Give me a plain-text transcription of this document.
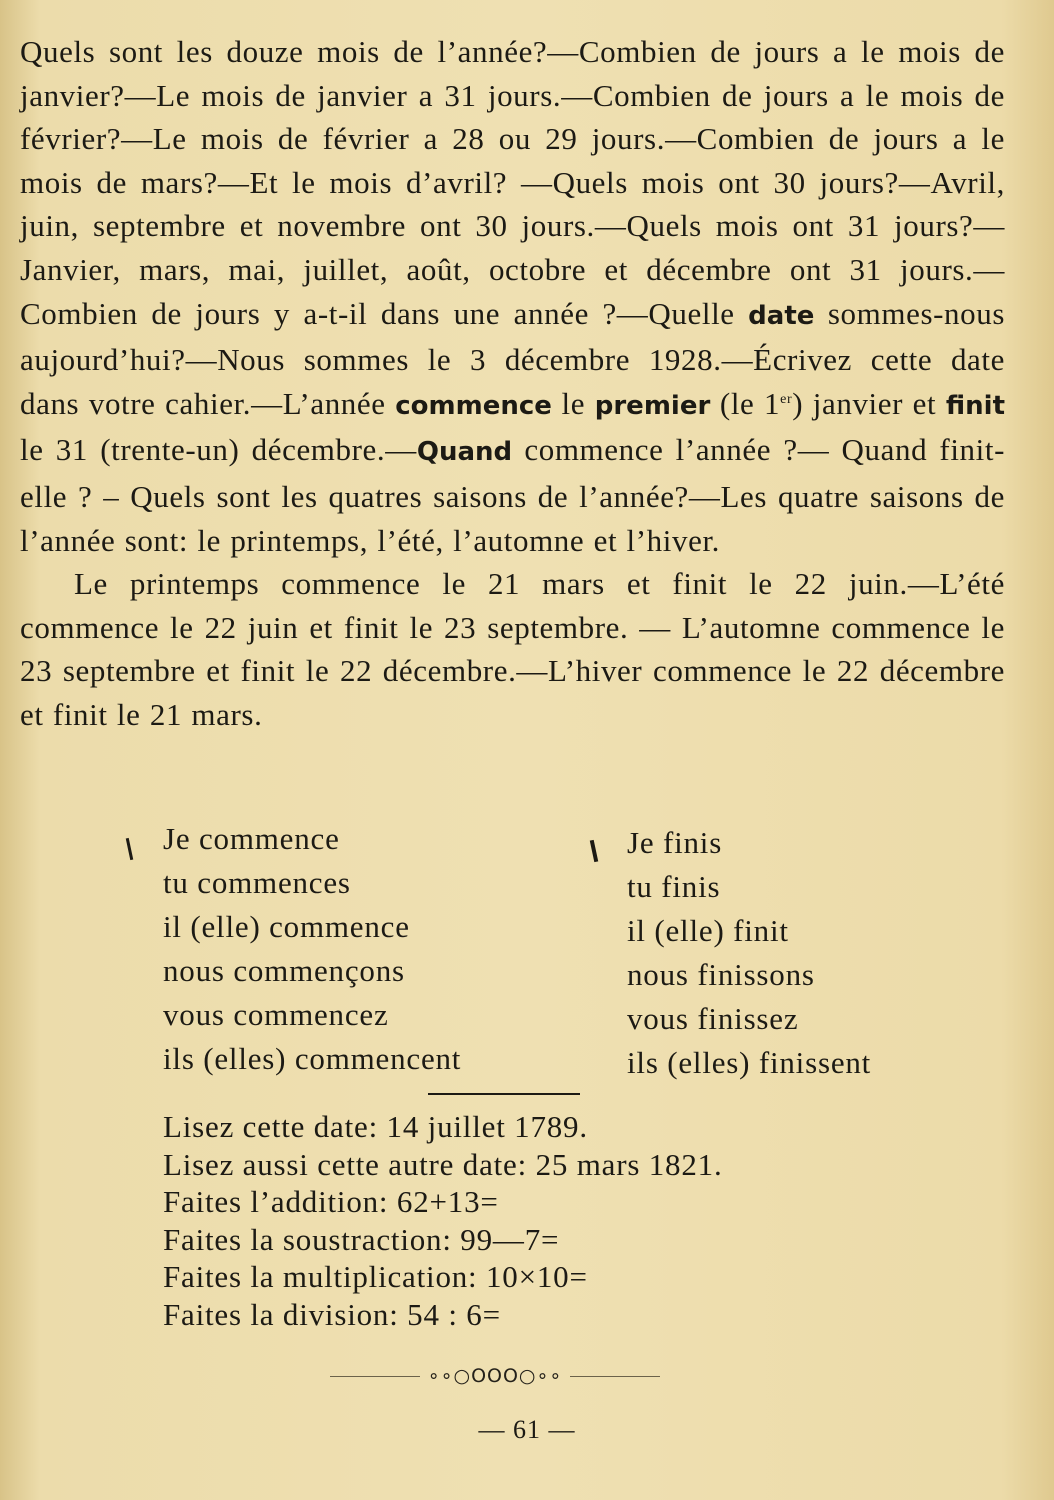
Quels sont les douze mois de l’année?—Combien de jours a le mois de janvier?—Le mois de janvier a 31 jours.—Combien de jours a le mois de février?—Le mois de février a 28 ou 29 jours.—Combien de jours a le mois de mars?—Et le mois d’avril? —Quels mois ont 30 jours?—Avril, juin, septembre et novembre ont 30 jours.—Quels mois ont 31 jours?—Janvier, mars, mai, juillet, août, octobre et décembre ont 31 jours.—Combien de jours y a-t-il dans une année ?—Quelle date sommes-nous aujourd’hui?—Nous sommes le 3 décembre 1928.—Écrivez cette date dans votre cahier.—L’année commence le premier (le 1er) janvier et finit le 31 (trente-un) décembre.—Quand commence l’année ?— Quand finit-elle ? – Quels sont les quatres saisons de l’année?—Les quatre saisons de l’année sont: le printemps, l’été, l’automne et l’hiver.

Le printemps commence le 21 mars et finit le 22 juin.—L’été commence le 22 juin et finit le 23 septembre. — L’automne commence le 23 septembre et finit le 22 décembre.—L’hiver commence le 22 décembre et finit le 21 mars.

Je commence
tu commences
il (elle) commence
nous commençons
vous commencez
ils (elles) commencent
Je finis
tu finis
il (elle) finit
nous finissons
vous finissez
ils (elles) finissent
Lisez cette date: 14 juillet 1789.
Lisez aussi cette autre date: 25 mars 1821.
Faites l’addition: 62+13=
Faites la soustraction: 99—7=
Faites la multiplication: 10×10=
Faites la division: 54 : 6=
∘∘○OOO○∘∘
— 61 —
